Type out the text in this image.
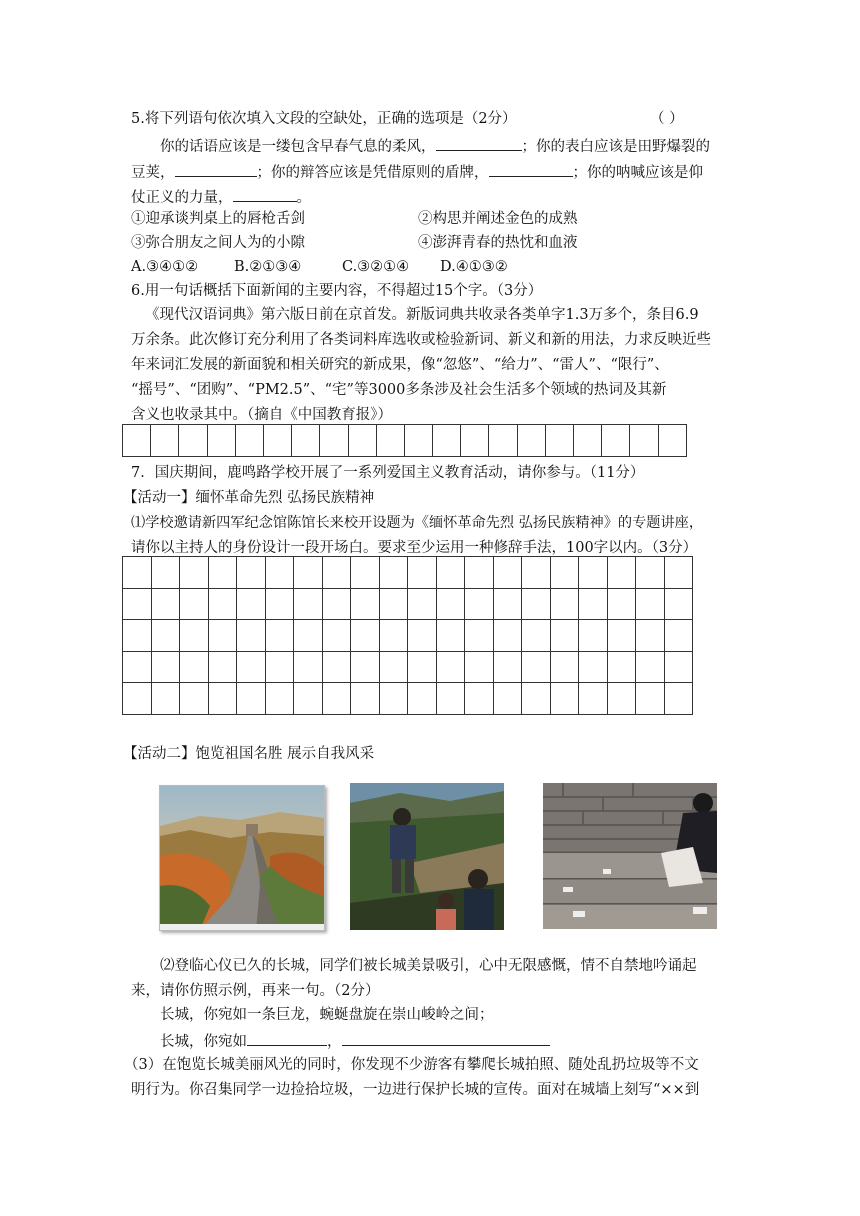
5.将下列语句依次填入文段的空缺处，正确的选项是（2分）	（ ）
你的话语应该是一缕包含早春气息的柔风，	；你的表白应该是田野爆裂的
豆荚，	；你的辩答应该是凭借原则的盾牌，	；你的呐喊应该是仰
仗正义的力量，	。
①迎承谈判桌上的唇枪舌剑	②构思并阐述金色的成熟
③弥合朋友之间人为的小隙	④澎湃青春的热忱和血液
A.③④①② B.②①③④	C.③②①④ D.④①③②
6.用一句话概括下面新闻的主要内容，不得超过15个字。（3分）
《现代汉语词典》第六版日前在京首发。新版词典共收录各类单字1.3万多个，条目6.9
万余条。此次修订充分利用了各类词料库选收或检验新词、新义和新的用法，力求反映近些
年来词汇发展的新面貌和相关研究的新成果，像“忽悠”、“给力”、“雷人”、“限行”、
“摇号”、“团购”、“PM2.5”、“宅”等3000多条涉及社会生活多个领域的热词及其新
含义也收录其中。（摘自《中国教育报》）

7．国庆期间，鹿鸣路学校开展了一系列爱国主义教育活动，请你参与。（11分）
【活动一】缅怀革命先烈 弘扬民族精神
⑴学校邀请新四军纪念馆陈馆长来校开设题为《缅怀革命先烈 弘扬民族精神》的专题讲座，
请你以主持人的身份设计一段开场白。要求至少运用一种修辞手法，100字以内。（3分）

【活动二】饱览祖国名胜 展示自我风采
⑵登临心仪已久的长城，同学们被长城美景吸引，心中无限感慨，情不自禁地吟诵起
来，请你仿照示例，再来一句。（2分）
长城，你宛如一条巨龙，蜿蜒盘旋在崇山峻岭之间；
长城，你宛如	，
（3）在饱览长城美丽风光的同时，你发现不少游客有攀爬长城拍照、随处乱扔垃圾等不文
明行为。你召集同学一边捡拾垃圾，一边进行保护长城的宣传。面对在城墙上刻写“××到
